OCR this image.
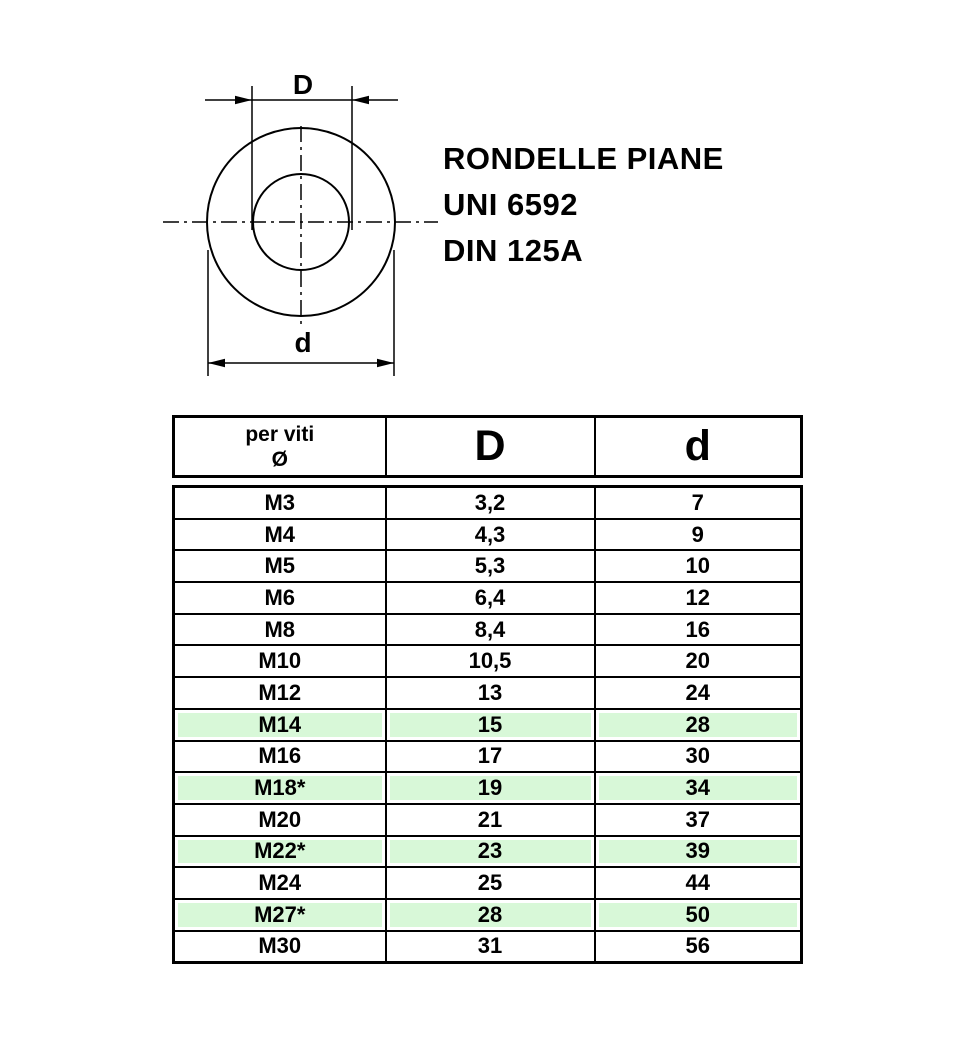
D
d
RONDELLE PIANE
UNI 6592
DIN 125A
per viti
Ø	D	d
M3	3,2	7
M4	4,3	9
M5	5,3	10
M6	6,4	12
M8	8,4	16
M10	10,5	20
M12	13	24
M14	15	28
M16	17	30
M18*	19	34
M20	21	37
M22*	23	39
M24	25	44
M27*	28	50
M30	31	56
